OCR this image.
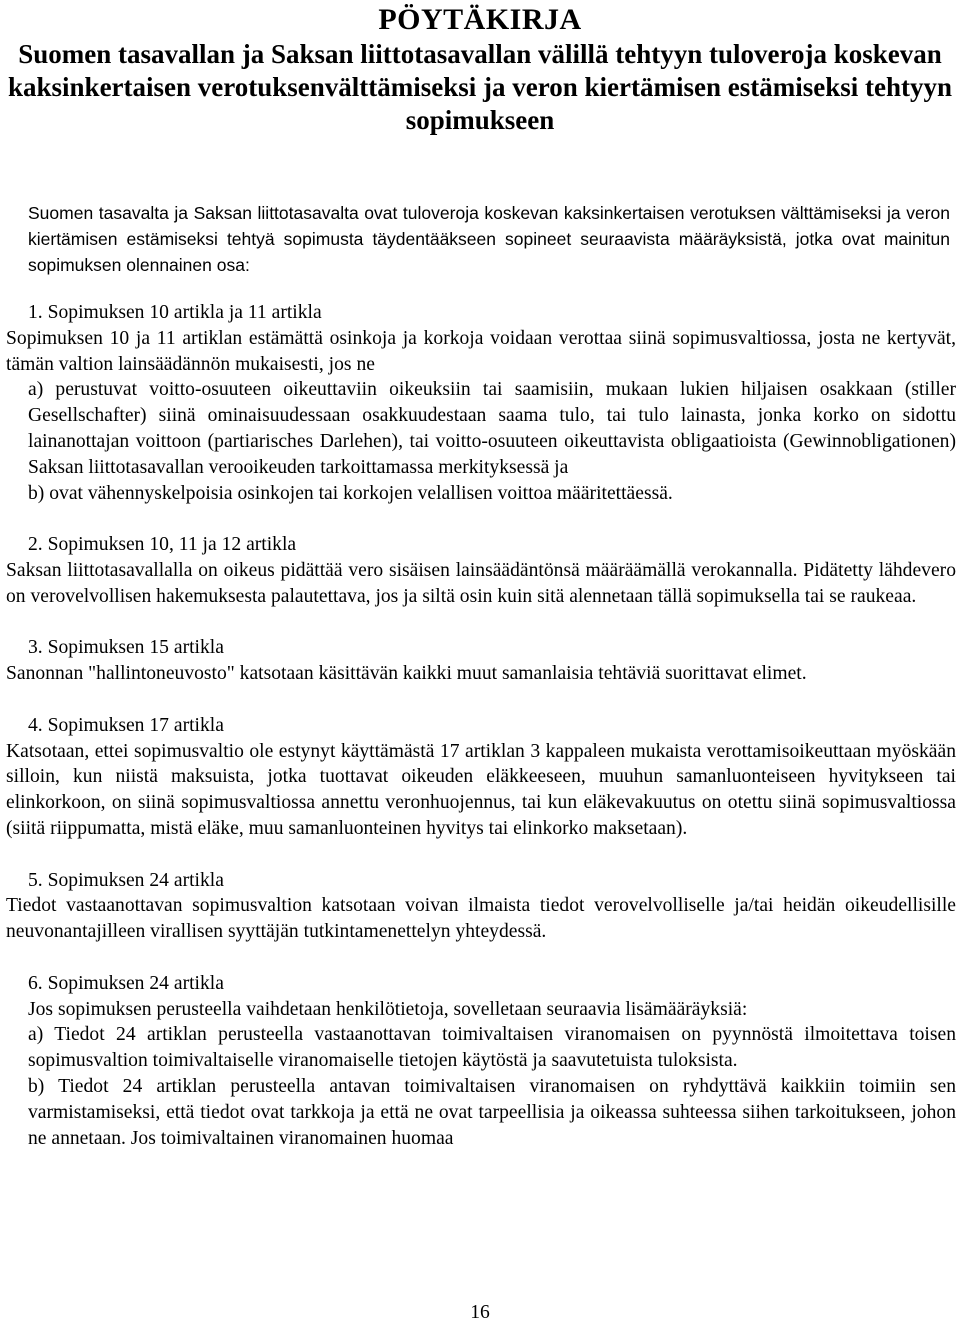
PÖYTÄKIRJA
Suomen tasavallan ja Saksan liittotasavallan välillä tehtyyn tuloveroja koskevan kaksinkertaisen verotuksenvälttämiseksi ja veron kiertämisen estämiseksi tehtyyn sopimukseen

Suomen tasavalta ja Saksan liittotasavalta ovat tuloveroja koskevan kaksinkertaisen verotuksen välttämiseksi ja veron kiertämisen estämiseksi tehtyä sopimusta täydentääkseen sopineet seuraavista määräyksistä, jotka ovat mainitun sopimuksen olennainen osa:

1. Sopimuksen 10 artikla ja 11 artikla

Sopimuksen 10 ja 11 artiklan estämättä osinkoja ja korkoja voidaan verottaa siinä sopimusvaltiossa, josta ne kertyvät, tämän valtion lainsäädännön mukaisesti, jos ne

a) perustuvat voitto-osuuteen oikeuttaviin oikeuksiin tai saamisiin, mukaan lukien hiljaisen osakkaan (stiller Gesellschafter) siinä ominaisuudessaan osakkuudestaan saama tulo, tai tulo lainasta, jonka korko on sidottu lainanottajan voittoon (partiarisches Darlehen), tai voitto-osuuteen oikeuttavista obligaatioista (Gewinnobligationen) Saksan liittotasavallan verooikeuden tarkoittamassa merkityksessä ja

b) ovat vähennyskelpoisia osinkojen tai korkojen velallisen voittoa määritettäessä.

2. Sopimuksen 10, 11 ja 12 artikla

Saksan liittotasavallalla on oikeus pidättää vero sisäisen lainsäädäntönsä määräämällä verokannalla. Pidätetty lähdevero on verovelvollisen hakemuksesta palautettava, jos ja siltä osin kuin sitä alennetaan tällä sopimuksella tai se raukeaa.

3. Sopimuksen 15 artikla

Sanonnan "hallintoneuvosto" katsotaan käsittävän kaikki muut samanlaisia tehtäviä suorittavat elimet.

4. Sopimuksen 17 artikla

Katsotaan, ettei sopimusvaltio ole estynyt käyttämästä 17 artiklan 3 kappaleen mukaista verottamisoikeuttaan myöskään silloin, kun niistä maksuista, jotka tuottavat oikeuden eläkkeeseen, muuhun samanluonteiseen hyvitykseen tai elinkorkoon, on siinä sopimusvaltiossa annettu veronhuojennus, tai kun eläkevakuutus on otettu siinä sopimusvaltiossa (siitä riippumatta, mistä eläke, muu samanluonteinen hyvitys tai elinkorko maksetaan).

5. Sopimuksen 24 artikla

Tiedot vastaanottavan sopimusvaltion katsotaan voivan ilmaista tiedot verovelvolliselle ja/tai heidän oikeudellisille neuvonantajilleen virallisen syyttäjän tutkintamenettelyn yhteydessä.

6. Sopimuksen 24 artikla

Jos sopimuksen perusteella vaihdetaan henkilötietoja, sovelletaan seuraavia lisämääräyksiä:

a) Tiedot 24 artiklan perusteella vastaanottavan toimivaltaisen viranomaisen on pyynnöstä ilmoitettava toisen sopimusvaltion toimivaltaiselle viranomaiselle tietojen käytöstä ja saavutetuista tuloksista.

b) Tiedot 24 artiklan perusteella antavan toimivaltaisen viranomaisen on ryhdyttävä kaikkiin toimiin sen varmistamiseksi, että tiedot ovat tarkkoja ja että ne ovat tarpeellisia ja oikeassa suhteessa siihen tarkoitukseen, johon ne annetaan. Jos toimivaltainen viranomainen huomaa

16
